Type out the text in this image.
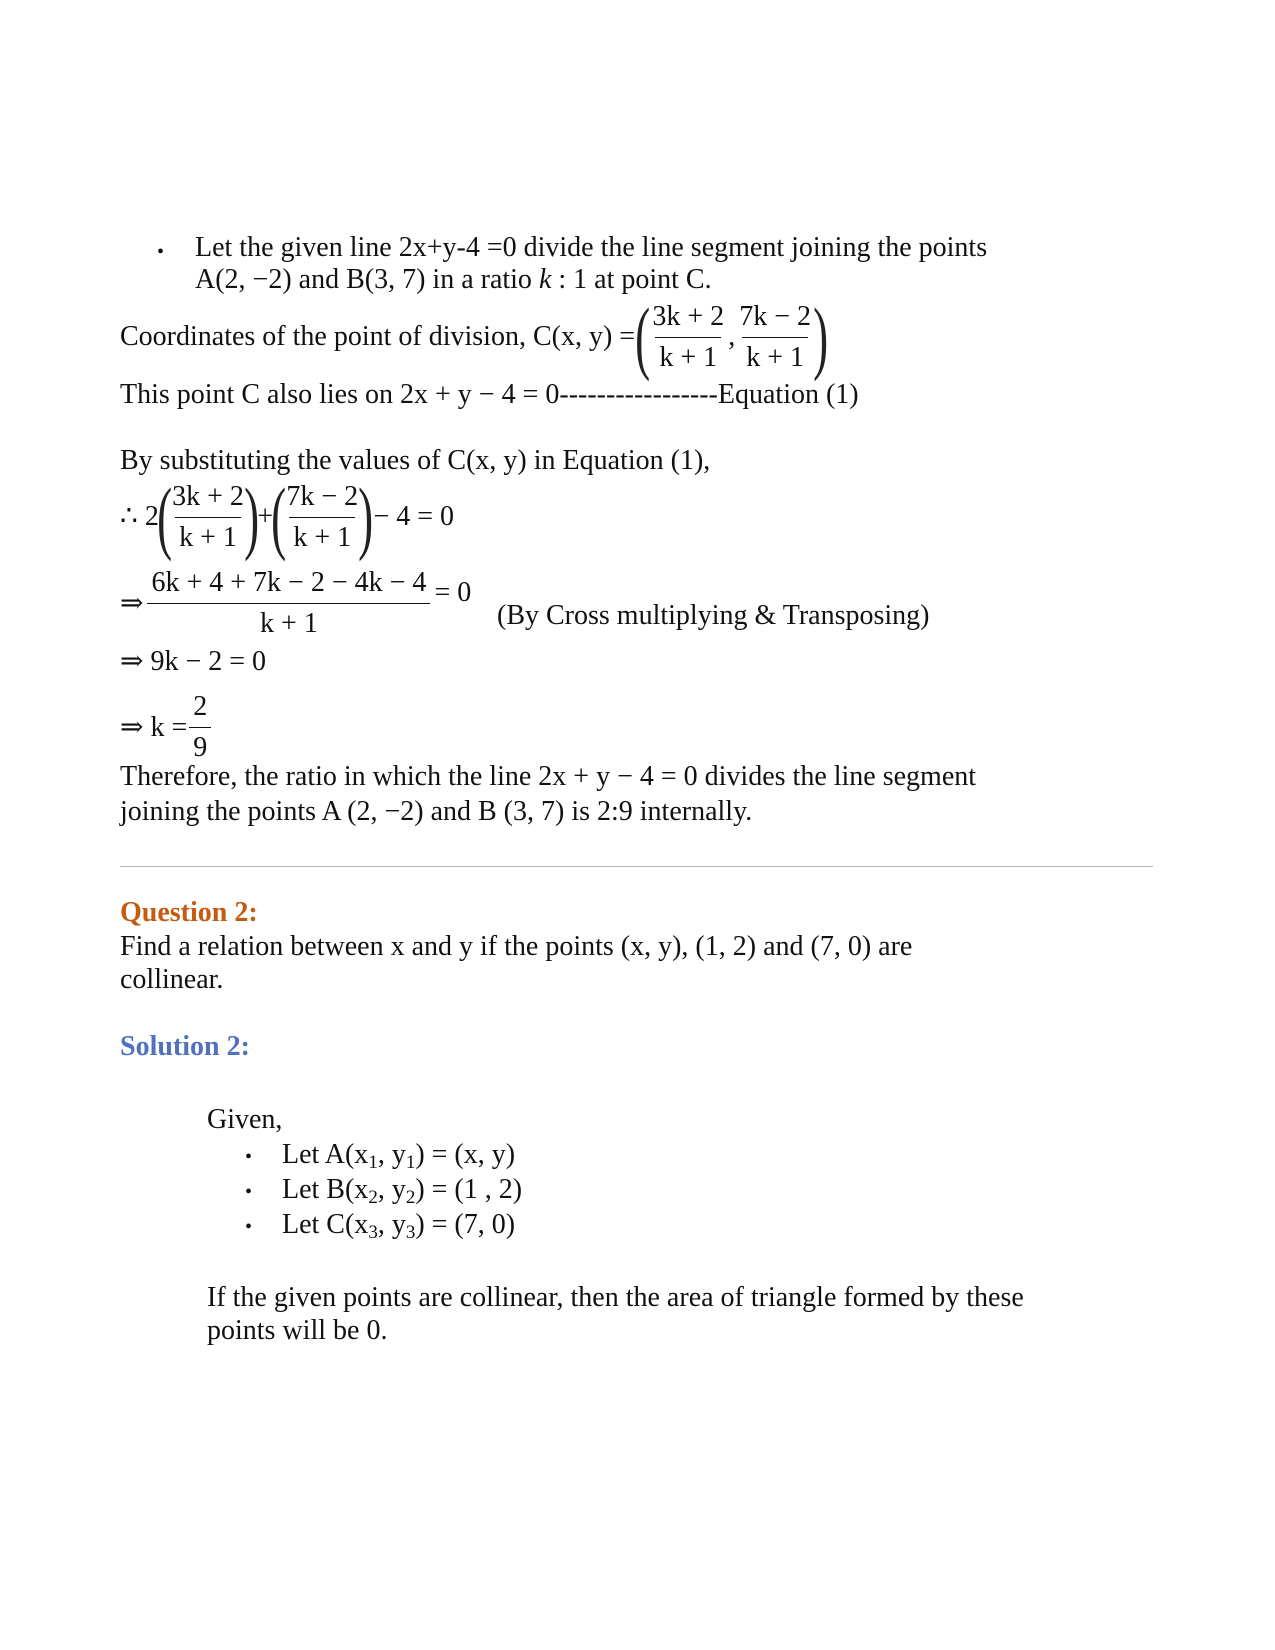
• Let the given line 2x+y-4 =0 divide the line segment joining the points
A(2, −2) and B(3, 7) in a ratio k : 1 at point C.
Coordinates of the point of division, C(x, y) = (
$\frac{3k + 2}{k + 1}$ , $\frac{7k - 2}{k + 1}$
)
This point C also lies on 2x + y − 4 = 0-----------------Equation (1)
By substituting the values of C(x, y) in Equation (1),
∴ 2
(
$\frac{3k + 2}{k + 1}$
)
+
(
$\frac{7k - 2}{k + 1}$
) − 4 = 0
⇒ $\frac{6k + 4 + 7k - 2 - 4k - 4}{k + 1} = 0$
(By Cross multiplying & Transposing)
⇒ 9k − 2 = 0
⇒ $k = \frac{2}{9}$
Therefore, the ratio in which the line 2x + y − 4 = 0 divides the line segment
joining the points A (2, −2) and B (3, 7) is 2:9 internally.
Question 2:
Find a relation between x and y if the points (x, y), (1, 2) and (7, 0) are
collinear.
Solution 2:
Given,
• Let $A(x_1$, $y_1) = (x$, y)
• Let $B(x_2$, $y_2) = (1$ , 2)
• Let $C(x_3$, $y_3) = (7$, 0)
If the given points are collinear, then the area of triangle formed by these
points will be 0.
